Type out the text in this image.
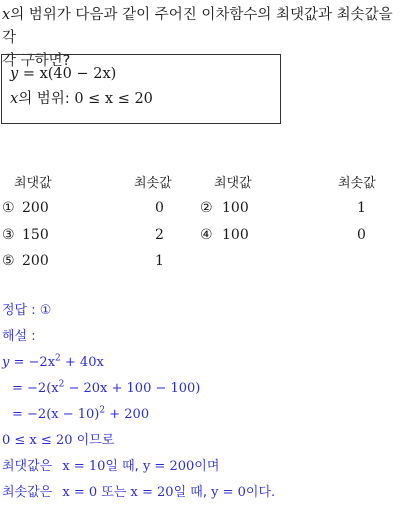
x의 범위가 다음과 같이 주어진 이차함수의 최댓값과 최솟값을 각
각 구하면?
y = x(40 − 2x)
x의 범위: 0 ≤ x ≤ 20
최댓값	최솟값	최댓값	최솟값
① 200	0	② 100	1
③ 150	2	④ 100	0
⑤ 200	1
정답 : ①
해설 :
$y = -2x^2 + 40x$
= $-2(x^2 - 20x + 100 - 100)$
= $-2(x - 10)^2 + 200$
0 ≤ x ≤ 20 이므로
최댓값은 x = 10일 때, y = 200이며
최솟값은 x = 0 또는 x = 20일 때, y = 0이다.
